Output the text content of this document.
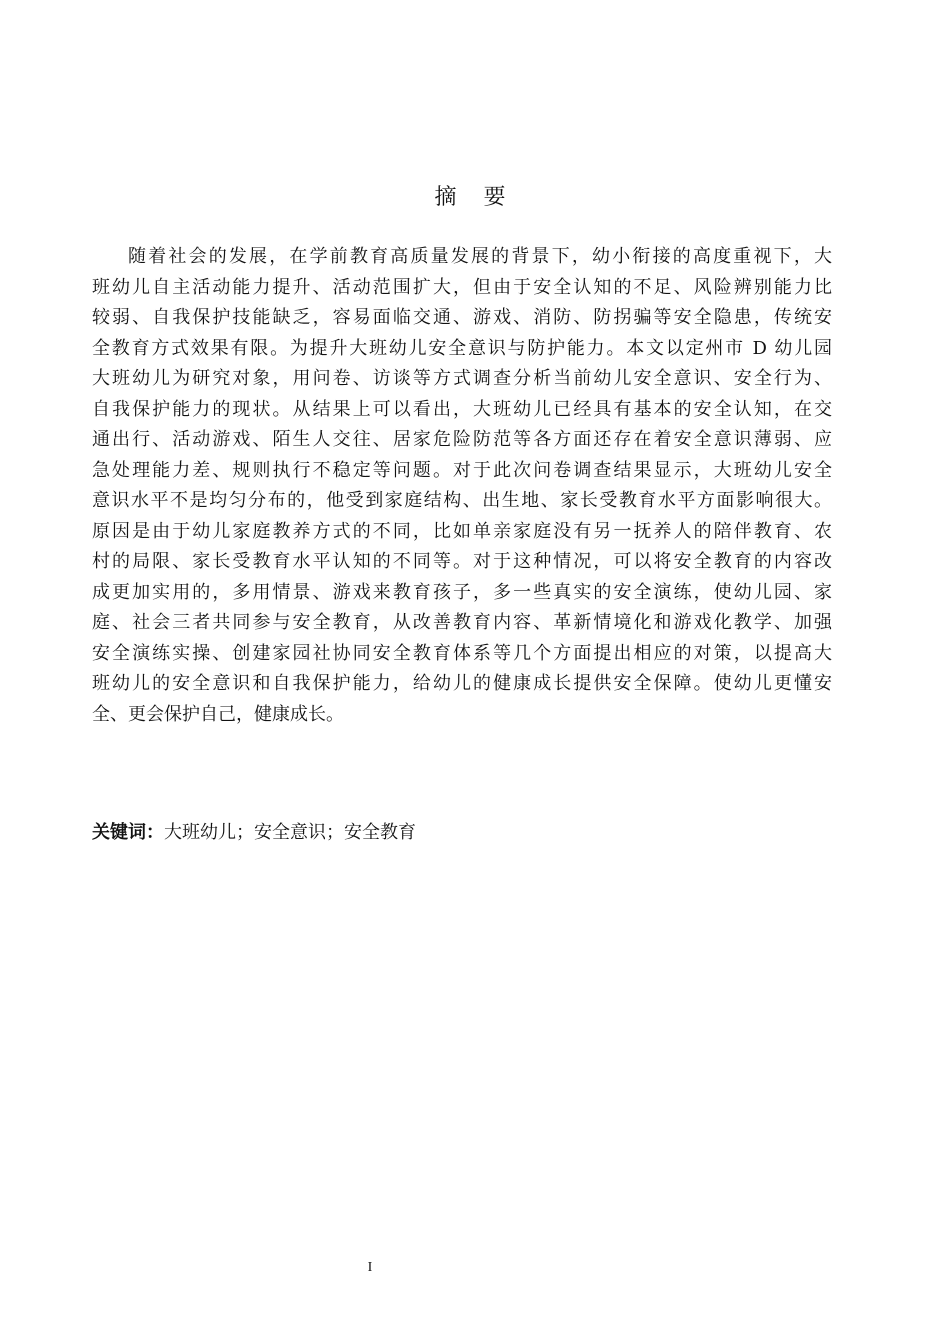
摘 要
随着社会的发展，在学前教育高质量发展的背景下，幼小衔接的高度重视下，大
班幼儿自主活动能力提升、活动范围扩大，但由于安全认知的不足、风险辨别能力比
较弱、自我保护技能缺乏，容易面临交通、游戏、消防、防拐骗等安全隐患，传统安
全教育方式效果有限。为提升大班幼儿安全意识与防护能力。本文以定州市 D 幼儿园
大班幼儿为研究对象，用问卷、访谈等方式调查分析当前幼儿安全意识、安全行为、
自我保护能力的现状。从结果上可以看出，大班幼儿已经具有基本的安全认知，在交
通出行、活动游戏、陌生人交往、居家危险防范等各方面还存在着安全意识薄弱、应
急处理能力差、规则执行不稳定等问题。对于此次问卷调查结果显示，大班幼儿安全
意识水平不是均匀分布的，他受到家庭结构、出生地、家长受教育水平方面影响很大。
原因是由于幼儿家庭教养方式的不同，比如单亲家庭没有另一抚养人的陪伴教育、农
村的局限、家长受教育水平认知的不同等。对于这种情况，可以将安全教育的内容改
成更加实用的，多用情景、游戏来教育孩子，多一些真实的安全演练，使幼儿园、家
庭、社会三者共同参与安全教育，从改善教育内容、革新情境化和游戏化教学、加强
安全演练实操、创建家园社协同安全教育体系等几个方面提出相应的对策，以提高大
班幼儿的安全意识和自我保护能力，给幼儿的健康成长提供安全保障。使幼儿更懂安
全、更会保护自己，健康成长。
关键词：大班幼儿；安全意识；安全教育
I
